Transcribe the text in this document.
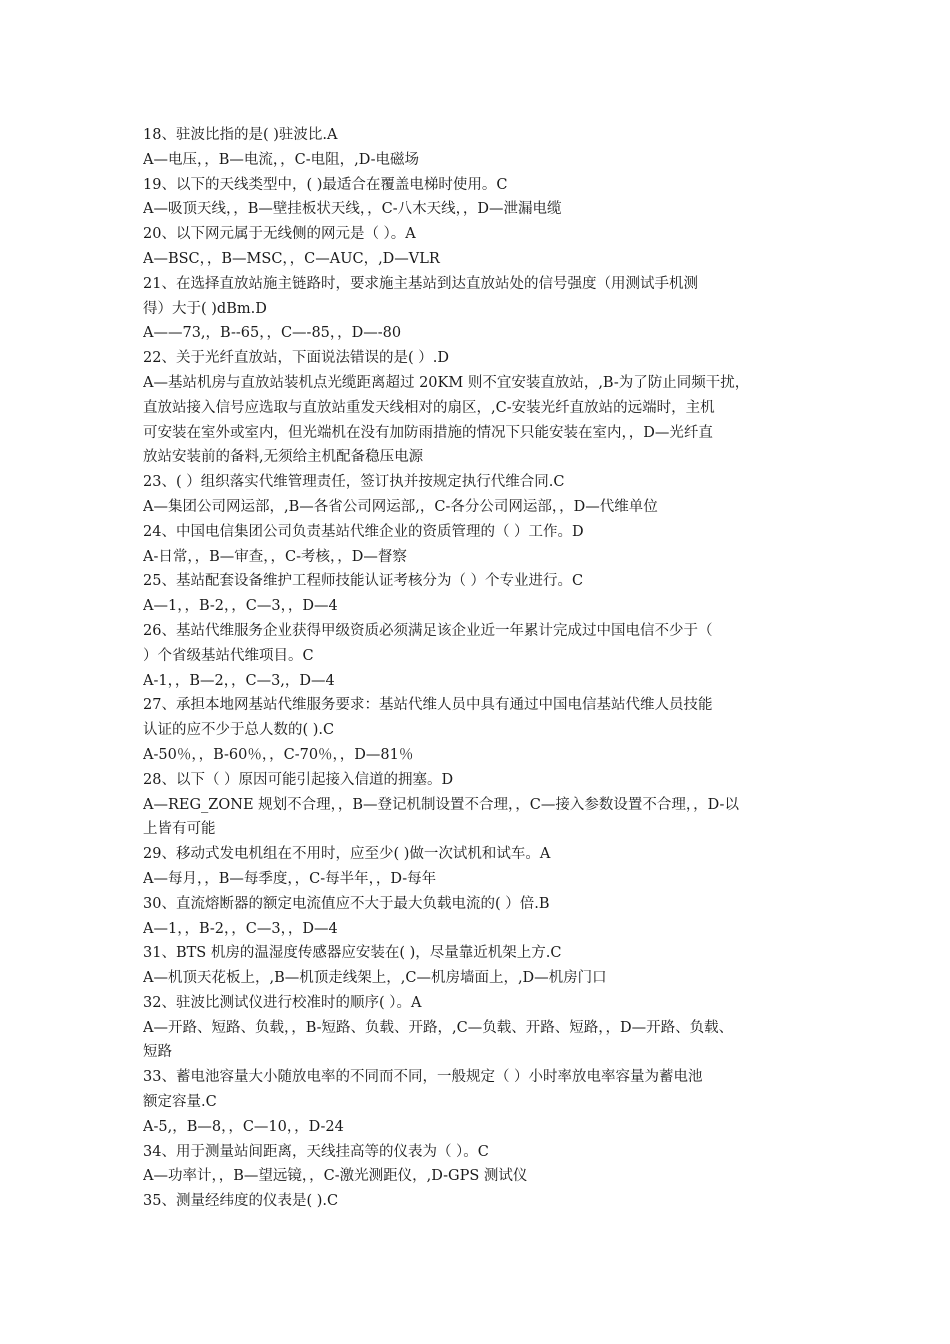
18、驻波比指的是( )驻波比.A
A—电压，，B—电流，，C-电阻，,D-电磁场
19、以下的天线类型中，( )最适合在覆盖电梯时使用。C
A—吸顶天线，，B—壁挂板状天线，，C-八木天线，，D—泄漏电缆
20、以下网元属于无线侧的网元是（ ）。A
A—BSC，，B—MSC，，C—AUC，,D—VLR
21、在选择直放站施主链路时，要求施主基站到达直放站处的信号强度（用测试手机测
得）大于( )dBm.D
A——73,，B--65，，C—-85，，D—-80
22、关于光纤直放站，下面说法错误的是( ）.D
A—基站机房与直放站装机点光缆距离超过 20KM 则不宜安装直放站，,B-为了防止同频干扰，
直放站接入信号应选取与直放站重发天线相对的扇区，,C-安装光纤直放站的远端时，主机
可安装在室外或室内，但光端机在没有加防雨措施的情况下只能安装在室内，，D—光纤直
放站安装前的备料,无须给主机配备稳压电源
23、( ）组织落实代维管理责任，签订执并按规定执行代维合同.C
A—集团公司网运部，,B—各省公司网运部,，C-各分公司网运部，，D—代维单位
24、中国电信集团公司负责基站代维企业的资质管理的（ ）工作。D
A-日常，，B—审查，，C-考核，，D—督察
25、基站配套设备维护工程师技能认证考核分为（ ）个专业进行。C
A—1，，B-2，，C—3，，D—4
26、基站代维服务企业获得甲级资质必须满足该企业近一年累计完成过中国电信不少于（
）个省级基站代维项目。C
A-1，，B—2，，C—3,，D—4
27、承担本地网基站代维服务要求：基站代维人员中具有通过中国电信基站代维人员技能
认证的应不少于总人数的( ).C
A-50％，，B-60％，，C-70％，，D—81％
28、以下（ ）原因可能引起接入信道的拥塞。D
A—REG_ZONE 规划不合理，，B—登记机制设置不合理，，C—接入参数设置不合理，，D-以
上皆有可能
29、移动式发电机组在不用时，应至少( )做一次试机和试车。A
A—每月，，B—每季度，，C-每半年，，D-每年
30、直流熔断器的额定电流值应不大于最大负载电流的( ）倍.B
A—1，，B-2，，C—3，，D—4
31、BTS 机房的温湿度传感器应安装在( )，尽量靠近机架上方.C
A—机顶天花板上，,B—机顶走线架上，,C—机房墙面上，,D—机房门口
32、驻波比测试仪进行校准时的顺序( ）。A
A—开路、短路、负载，，B-短路、负载、开路，,C—负载、开路、短路，，D—开路、负载、
短路
33、蓄电池容量大小随放电率的不同而不同，一般规定（ ）小时率放电率容量为蓄电池
额定容量.C
A-5,，B—8，，C—10，，D-24
34、用于测量站间距离，天线挂高等的仪表为（ ）。C
A—功率计，，B—望远镜，，C-激光测距仪，,D-GPS 测试仪
35、测量经纬度的仪表是( ).C
